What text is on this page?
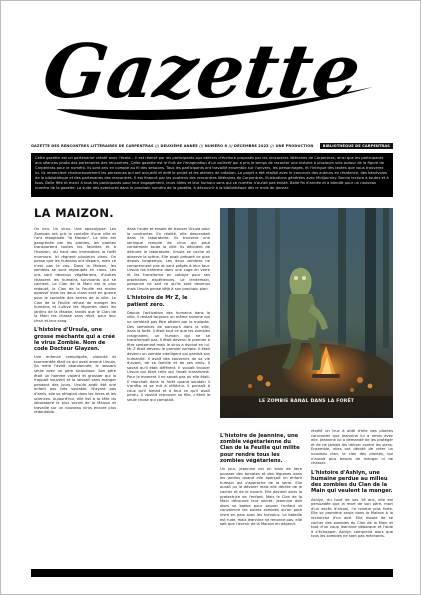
Gazette
GAZETTE DES RENCONTRES LITTÉRAIRES DE CARPENTRAS /// DEUXIÈME ANNÉE /// NUMÉRO 6 /// DÉCEMBRE 2023 /// UNE PRODUCTION	BIBLIOTHÈQUE DE CARPENTRAS
Cette gazette est un partenariat créatif avec l'école... Il est réalisé par les participants aux ateliers d'écriture proposés par les rencontres littéraires de Carpentras, ainsi que les participants aux séances photo des partenaires des rencontres. Cette gazette est le fruit de l'imagination d'un collectif qui a pris le temps de raconter une histoire à plusieurs voix autour de la figure de Carpentras pour le numéro. Ils sont pris en compte au fil des sessions. Tous les participants ont travaillé ensemble sur l'univers, les personnages, et l'intrigue des textes que vous trouverez ici. Ils remercient chaleureusement les personnes qui ont accueilli et aidé le projet et les ateliers de création. Le projet a été réalisé avec le concours des auteurs en résidence, des bénévoles de la bibliothèque et des partenaires des rencontres. Il est financé par les soutiens des rencontres littéraires de Carpentras. Illustrations générées avec Midjourney. Bonne lecture à toutes et à tous. Belle fête et merci à tous les participants pour leur engagement, leurs idées et leur humour sans qui ce numéro n'aurait pas existé. Belle fin d'année et à bientôt pour un nouveau numéro de la gazette. La suite des aventures dans le prochain numéro de la gazette, à découvrir à la bibliothèque dès le mois de janvier.
LA MAIZON.

On lieu. Un virus. Une apocalypse. Les Zombies ont pris le contrôle d'une ville et l'ont rebaptisée "la Maizon". La ville est gangrenée par les plantes, les plantes transportent toutes les facettes et à l'horizon, du haut des immeubles la forêt murmure. Ici règnent plusieurs clans. On pense que les humains ont disparu, mais ce n'est pas le cas. Dans la Maizon, les zombies se sont regroupés en clans. Les uns sont devenus végétariens, d'autres chassent les humains survivants qui se cachent. Le Clan de la Main est le plus redouté, le Clan de la Feuille est moins agressif mais les deux clans sont en guerre pour le contrôle des serres de la ville. Le Clan de la Feuille refuse de manger les humains et cultive les légumes dans les jardins de la Maizon, tandis que le Clan de la Main les chasse sans répit, pour leur chair et leur sang.

L'histoire d'Ursula, une grosse méchante qui a créé le virus Zombie. Nom de code Docteur Glayzen.

Une enfance compliquée, violente et tourmentée était ce qui avait amené Ursula. Sa mère l'avait abandonnée, le laissant seule avec un père alcoolique. Son père était un homme violent et grossier qui la frappait souvent et la laissait sans manger pendant des jours. Ursula avait été une enfant pas très sociable. N'ayant pas d'amis, elle se réfugiait dans les livres et les sciences. Aujourd'hui, elle est à la tête du laboratoire le plus secret de la Maizon et travaille sur un nouveau virus encore plus redoutable.

dans l'aube et essaie de trouver Ursula pour la confronter. En réalité, elle descendait dans le laboratoire. Ils trouvent une seringue remplie de virus qui peut contaminer toute la ville. Ils décident de détruire le laboratoire. Ursula se cache et observe la scène. Elle avait préparé ce plan depuis longtemps. Les deux zombies ne comprennent pas et sont piégés à leur tour. Ursula les enferme dans une cage en verre et les transforme en cobaye pour ses prochaines expériences. Le lendemain, personne ne sait ce qu'ils sont devenus mais Ursula pense déjà à son prochain plan.

L'histoire de Mr Z, le patient zéro.

Depuis l'activation des humains dans la ville, il restait toujours un même homme qui ne semblait pas être atteint par la maladie. Des semaines de parcours dans la ville, dans la forêt. Il était tout ce que les zombies craignaient, un humain qui ne se transformait pas. Il était devenu le premier à être contaminé mais le virus a évolué en lui. Mr Z était devenu le premier zombie. Il était devenu un zombie intelligent qui gardait son humanité. Il avait des souvenirs de sa vie d'avant, de sa famille et de ses amis. Il savait qu'il était différent. Il voulait trouver Ursula qui était celle qui l'avait transformé. Pour le moment il ne savait pas où elle était. Il marchait dans la forêt quand soudain il s'arrêta et se mit à réfléchir. Il pensait à ceux qu'il aimait et à tout ce qu'il avait perdu. Il voulait retrouver sa fille, c'était la seule chose qui comptait.	LE ZOMBIE BANAL DANS LA FORÊT
L'histoire de Jeannine, une zombie végétarienne du Clan de la Feuille qui milite pour rendre tous les zombies végétariens.

Un jour, Jeannine est en train de faire pousser des tomates et des légumes dans les jardins quand elle aperçoit un enfant humain qui s'approche de la serre. Elle aurait pu le dévorer mais elle décide de le cacher et de le nourrir. Elle devient alors la protectrice de l'enfant. Mais le Clan de la Main découvre leur secret. Jeannine doit alors se battre pour sauver l'enfant et convaincre les autres zombies qu'on peut vivre en paix avec les humains. La bataille est rude, mais Jeannine ne renonce pas, elle sait que l'avenir de la Maizon en dépend.

révélé un truc à aidé d'elle des plantes carnivores que Jeannine lui a remis avec elle. Jeannine lui a demandé de les protéger et de ne jamais les utiliser contre les siens. Ensemble, elles ont décidé de créer un nouveau clan, le clan des plantes, qui n'aurait plus besoin de manger ni de chasser.

L'histoire d'Ashlyn, une humaine perdue au milieu des zombies du Clan de la Main qui veulent la manger.

Ashlyn, du haut de ses 16 ans, elle est persuadée que la mort de son père, mort d'un excès d'alcool, l'a rendue plus forte. Elle se promène seule dans la Maizon à la recherche d'un abri. Elle essaie de se cacher des zombies du Clan de la Main et tout d'un coup Jeannine débarque et l'aide à s'échapper. Ashlyn comprend alors que tous les zombies ne sont pas méchants.
